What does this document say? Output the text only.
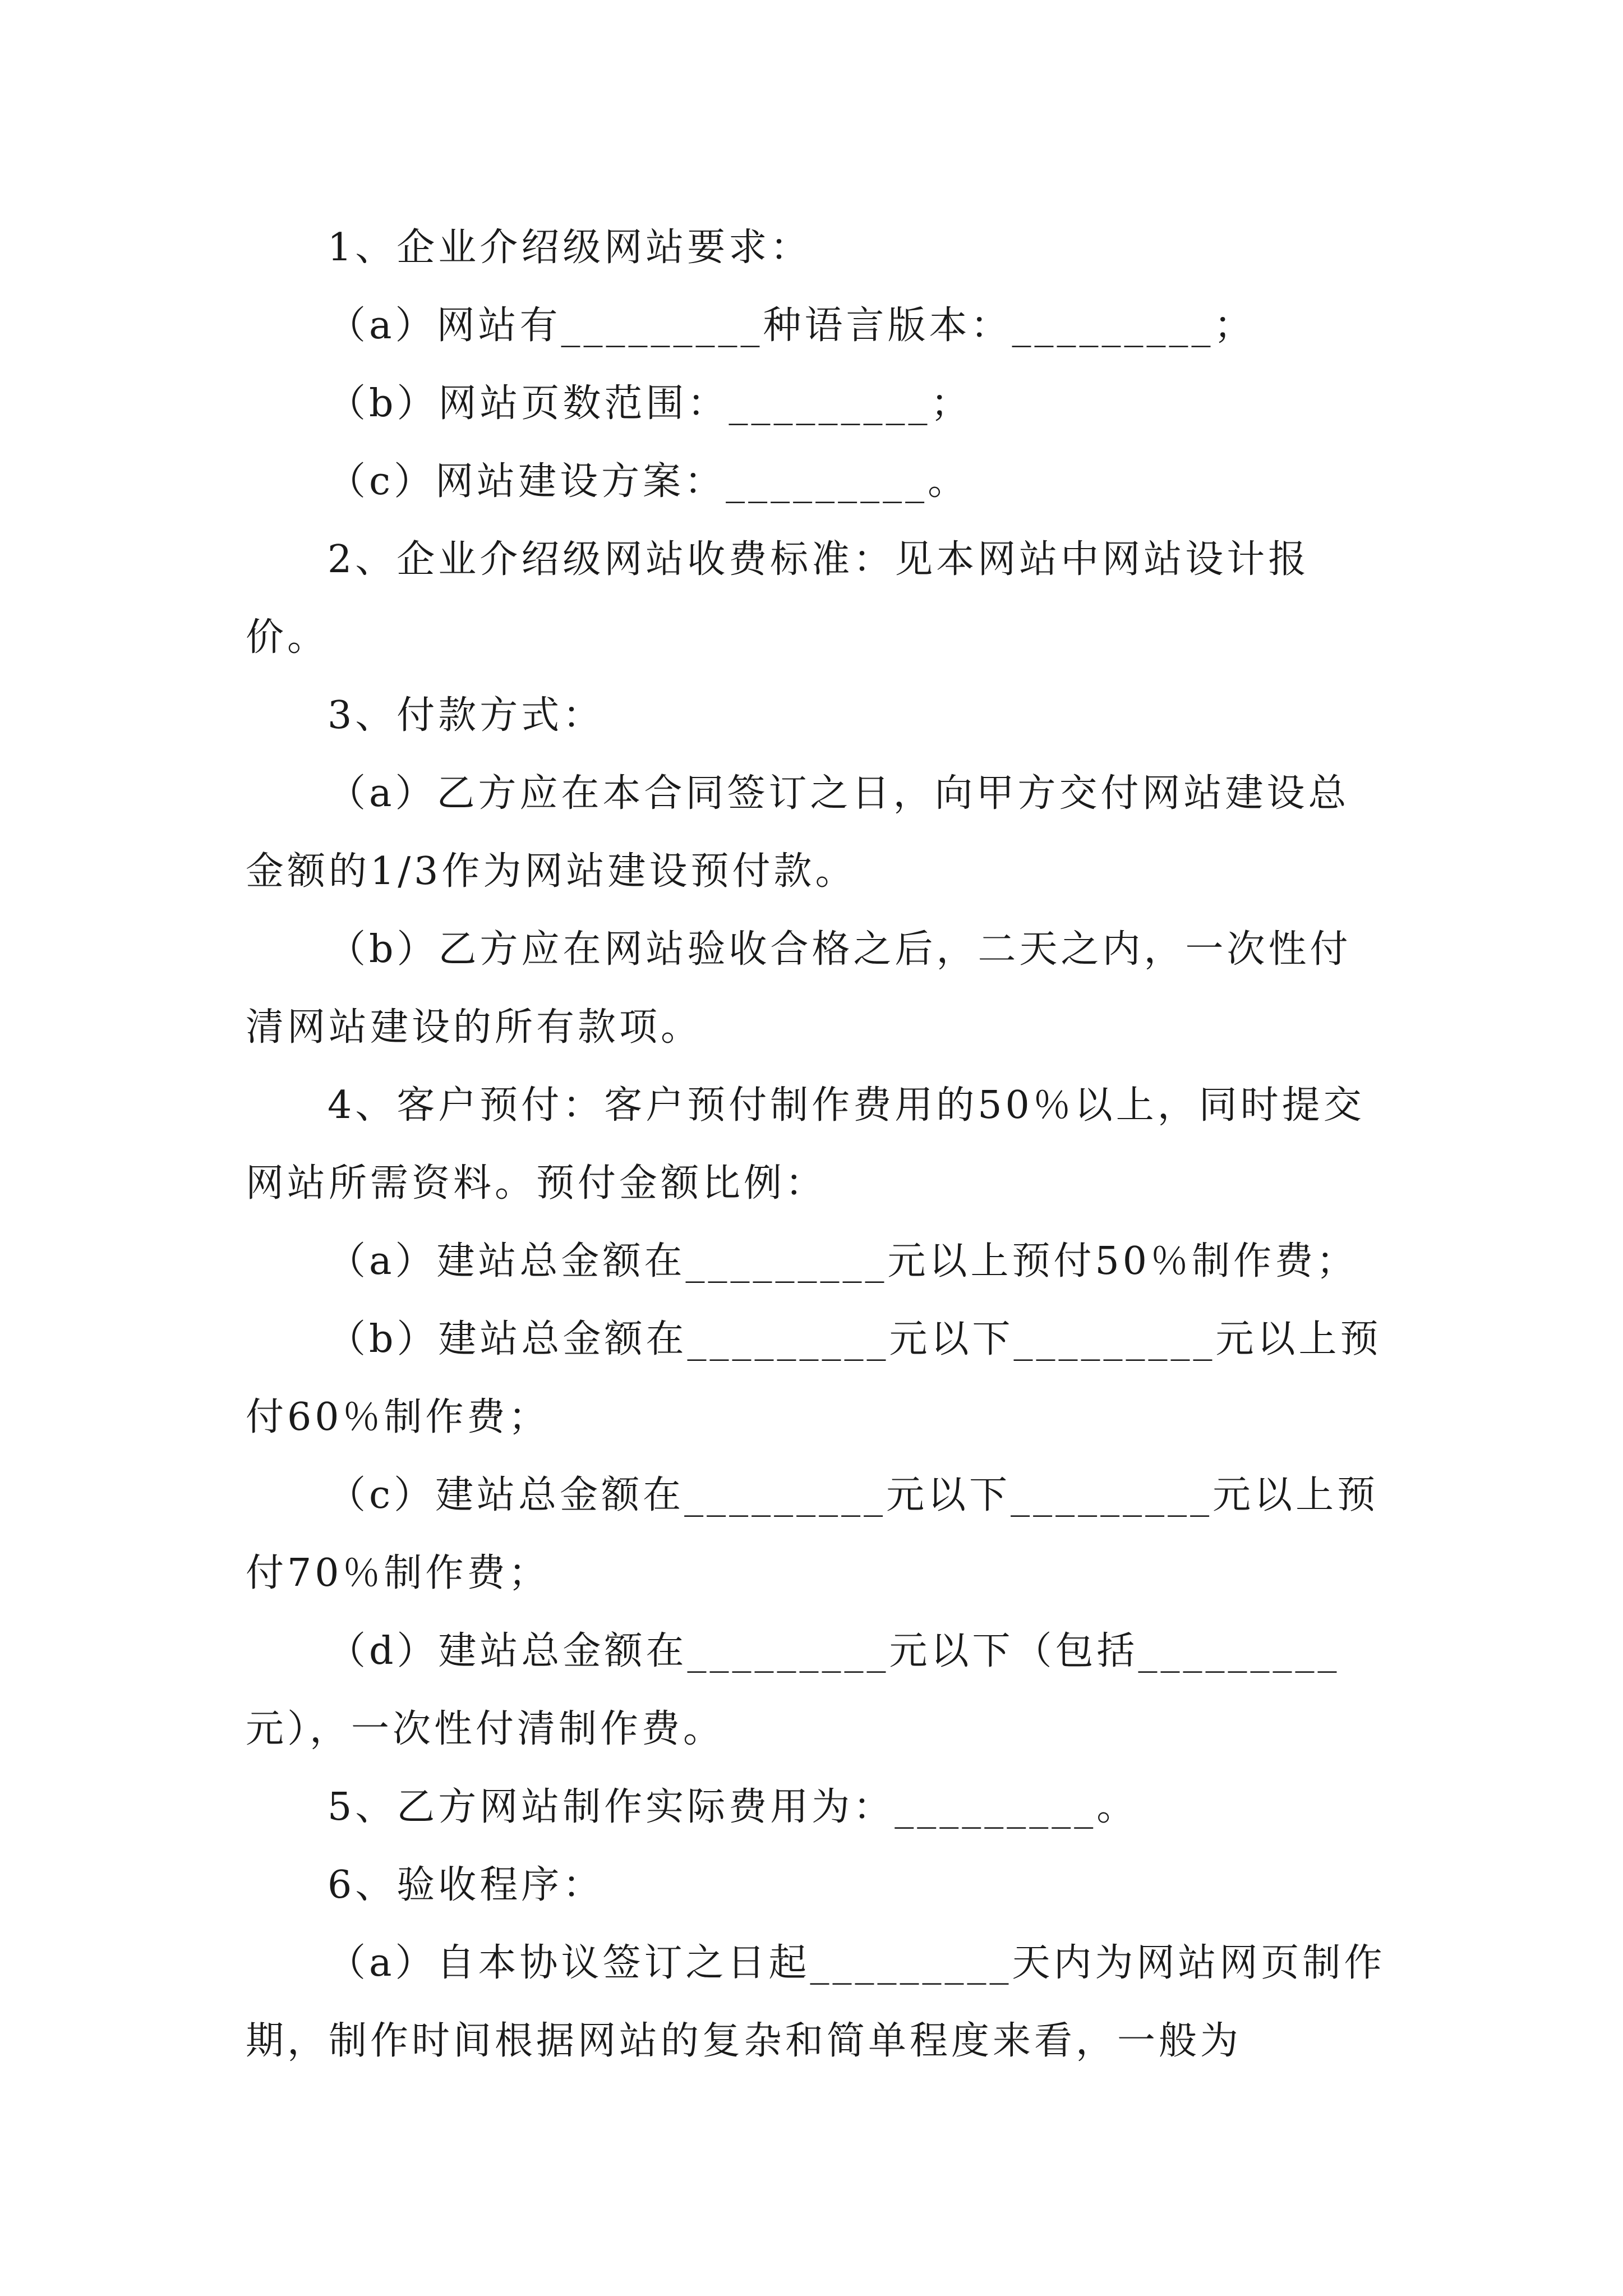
1、企业介绍级网站要求：

（a）网站有_________种语言版本：_________；

（b）网站页数范围：_________；

（c）网站建设方案：_________。

2、企业介绍级网站收费标准：见本网站中网站设计报价。

3、付款方式：

（a）乙方应在本合同签订之日，向甲方交付网站建设总金额的1/3作为网站建设预付款。

（b）乙方应在网站验收合格之后，二天之内，一次性付清网站建设的所有款项。

4、客户预付：客户预付制作费用的50％以上，同时提交网站所需资料。预付金额比例：

（a）建站总金额在_________元以上预付50％制作费；

（b）建站总金额在_________元以下_________元以上预付60％制作费；

（c）建站总金额在_________元以下_________元以上预付70％制作费；

（d）建站总金额在_________元以下（包括_________元），一次性付清制作费。

5、乙方网站制作实际费用为：_________。

6、验收程序：

（a）自本协议签订之日起_________天内为网站网页制作期，制作时间根据网站的复杂和简单程度来看，一般为
